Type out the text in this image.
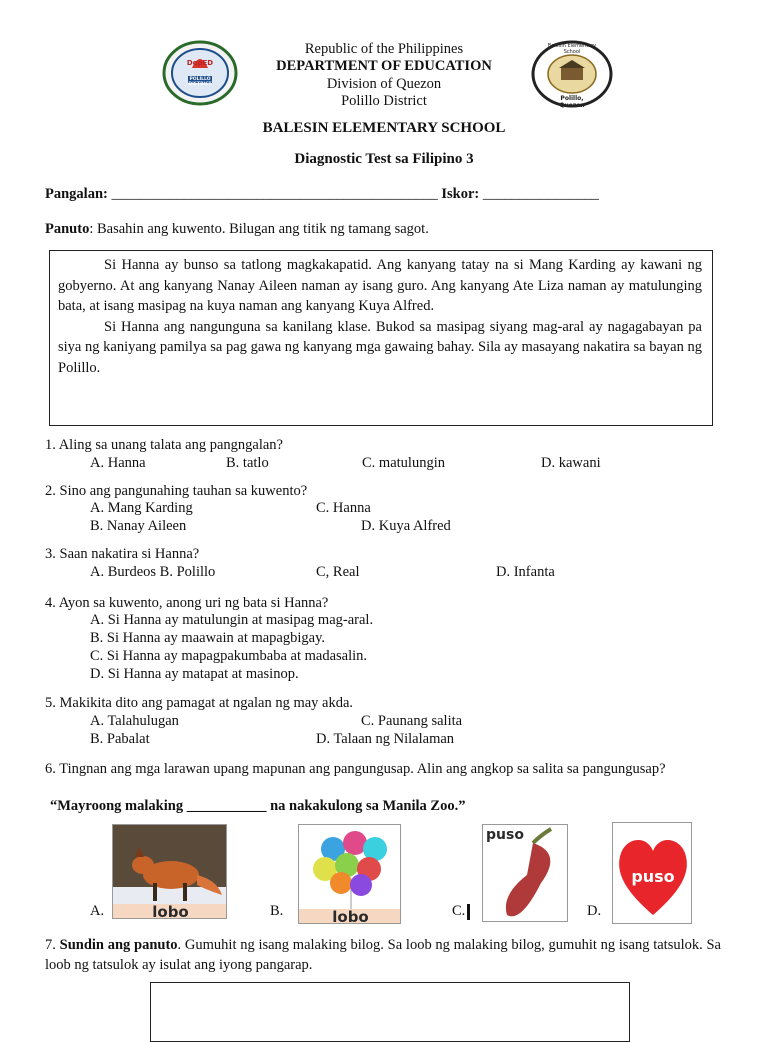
DepED
POLILLO DISTRICT
Balesin Elementary School
Polillo, Quezon
Republic of the Philippines
DEPARTMENT OF EDUCATION
Division of Quezon
Polillo District
BALESIN ELEMENTARY SCHOOL
Diagnostic Test sa Filipino 3
Pangalan: _____________________________________________ Iskor: ________________
Panuto: Basahin ang kuwento. Bilugan ang titik ng tamang sagot.

Si Hanna ay bunso sa tatlong magkakapatid. Ang kanyang tatay na si Mang Karding ay kawani ng gobyerno. At ang kanyang Nanay Aileen naman ay isang guro. Ang kanyang Ate Liza naman ay matulunging bata, at isang masipag na kuya naman ang kanyang Kuya Alfred.

Si Hanna ang nangunguna sa kanilang klase. Bukod sa masipag siyang mag-aral ay nagagabayan pa siya ng kaniyang pamilya sa pag gawa ng kanyang mga gawaing bahay. Sila ay masayang nakatira sa bayan ng Polillo.

1. Aling sa unang talata ang pangngalan?
A. Hanna	B. tatlo	C. matulungin	D. kawani
2. Sino ang pangunahing tauhan sa kuwento?
A. Mang Karding	C. Hanna
B. Nanay Aileen	D. Kuya Alfred
3. Saan nakatira si Hanna?
A. Burdeos B. Polillo	C, Real	D. Infanta
4. Ayon sa kuwento, anong uri ng bata si Hanna?
A. Si Hanna ay matulungin at masipag mag-aral.
B. Si Hanna ay maawain at mapagbigay.
C. Si Hanna ay mapagpakumbaba at madasalin.
D. Si Hanna ay matapat at masinop.
5. Makikita dito ang pamagat at ngalan ng may akda.
A. Talahulugan	C. Paunang salita
B. Pabalat	D. Talaan ng Nilalaman
6. Tingnan ang mga larawan upang mapunan ang pangungusap. Alin ang angkop sa salita sa pangungusap?
“Mayroong malaking ___________ na nakakulong sa Manila Zoo.”
lobo
A.	lobo
B.
puso
C.
puso
D.
7. Sundin ang panuto. Gumuhit ng isang malaking bilog. Sa loob ng malaking bilog, gumuhit ng isang tatsulok. Sa loob ng tatsulok ay isulat ang iyong pangarap.
